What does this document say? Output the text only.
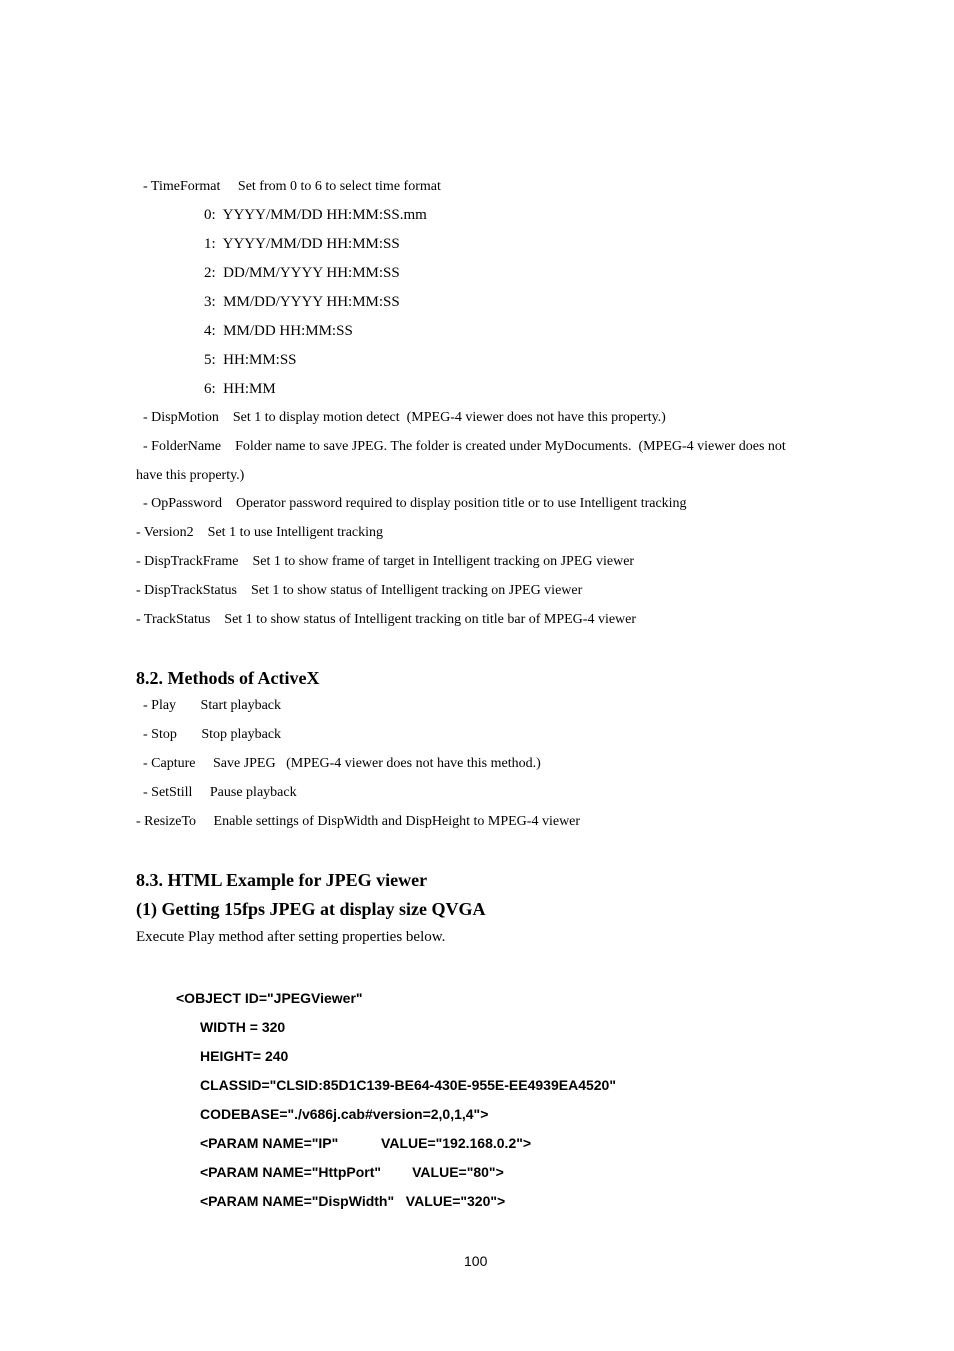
- TimeFormat     Set from 0 to 6 to select time format
0:  YYYY/MM/DD HH:MM:SS.mm
1:  YYYY/MM/DD HH:MM:SS
2:  DD/MM/YYYY HH:MM:SS
3:  MM/DD/YYYY HH:MM:SS
4:  MM/DD HH:MM:SS
5:  HH:MM:SS
6:  HH:MM
- DispMotion    Set 1 to display motion detect  (MPEG-4 viewer does not have this property.)
- FolderName    Folder name to save JPEG. The folder is created under MyDocuments.  (MPEG-4 viewer does not
have this property.)
- OpPassword    Operator password required to display position title or to use Intelligent tracking
- Version2    Set 1 to use Intelligent tracking
- DispTrackFrame    Set 1 to show frame of target in Intelligent tracking on JPEG viewer
- DispTrackStatus    Set 1 to show status of Intelligent tracking on JPEG viewer
- TrackStatus    Set 1 to show status of Intelligent tracking on title bar of MPEG-4 viewer
8.2. Methods of ActiveX
- Play       Start playback
- Stop       Stop playback
- Capture     Save JPEG   (MPEG-4 viewer does not have this method.)
- SetStill     Pause playback
- ResizeTo     Enable settings of DispWidth and DispHeight to MPEG-4 viewer
8.3. HTML Example for JPEG viewer
(1) Getting 15fps JPEG at display size QVGA
Execute Play method after setting properties below.
<OBJECT ID="JPEGViewer"
WIDTH = 320
HEIGHT= 240
CLASSID="CLSID:85D1C139-BE64-430E-955E-EE4939EA4520"
CODEBASE="./v686j.cab#version=2,0,1,4">
<PARAM NAME="IP"           VALUE="192.168.0.2">
<PARAM NAME="HttpPort"        VALUE="80">
<PARAM NAME="DispWidth"   VALUE="320">
100
